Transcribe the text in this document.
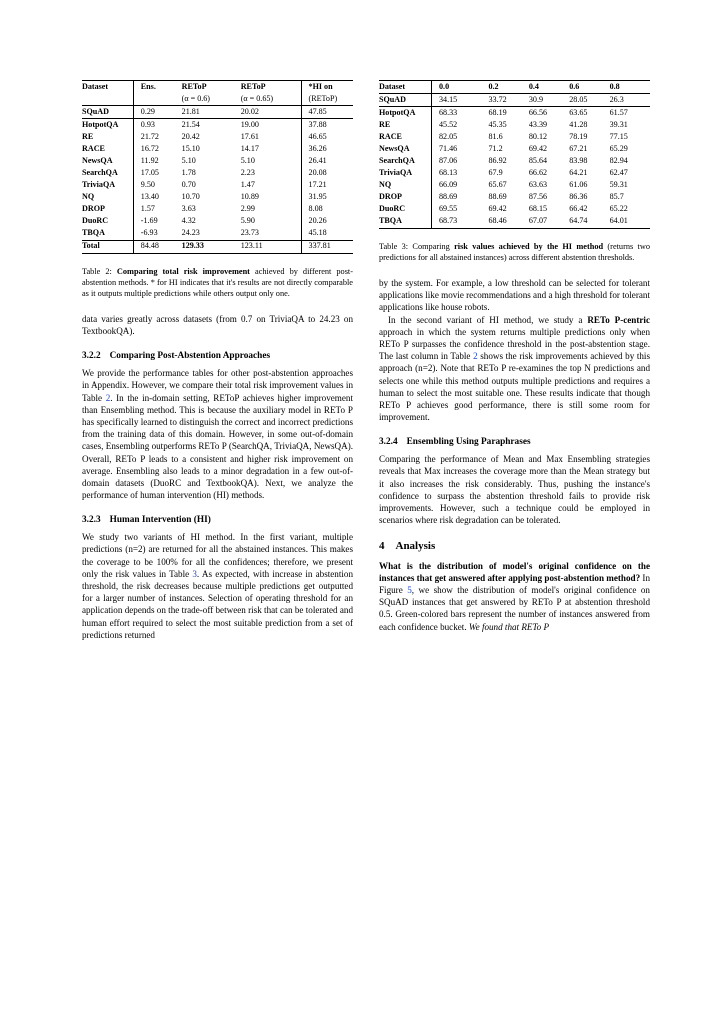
Dataset	Ens.	REToP	REToP	*HI on
		(α = 0.6)	(α = 0.65)	(REToP)
SQuAD	0.29	21.81	20.02	47.85
HotpotQA	0.93	21.54	19.00	37.88
RE	21.72	20.42	17.61	46.65
RACE	16.72	15.10	14.17	36.26
NewsQA	11.92	5.10	5.10	26.41
SearchQA	17.05	1.78	2.23	20.08
TriviaQA	9.50	0.70	1.47	17.21
NQ	13.40	10.70	10.89	31.95
DROP	1.57	3.63	2.99	8.08
DuoRC	-1.69	4.32	5.90	20.26
TBQA	-6.93	24.23	23.73	45.18
Total	84.48	129.33	123.11	337.81
Table 2: Comparing total risk improvement achieved by different post-abstention methods. * for HI indicates that it's results are not directly comparable as it outputs multiple predictions while others output only one.

data varies greatly across datasets (from 0.7 on TriviaQA to 24.23 on TextbookQA).

3.2.2 Comparing Post-Abstention Approaches

We provide the performance tables for other post-abstention approaches in Appendix. However, we compare their total risk improvement values in Table 2. In the in-domain setting, REToP achieves higher improvement than Ensembling method. This is because the auxiliary model in RETo P has specifically learned to distinguish the correct and incorrect predictions from the training data of this domain. However, in some out-of-domain cases, Ensembling outperforms RETo P (SearchQA, TriviaQA, NewsQA). Overall, RETo P leads to a consistent and higher risk improvement on average. Ensembling also leads to a minor degradation in a few out-of-domain datasets (DuoRC and TextbookQA). Next, we analyze the performance of human intervention (HI) methods.

3.2.3 Human Intervention (HI)

We study two variants of HI method. In the first variant, multiple predictions (n=2) are returned for all the abstained instances. This makes the coverage to be 100% for all the confidences; therefore, we present only the risk values in Table 3. As expected, with increase in abstention threshold, the risk decreases because multiple predictions get outputted for a larger number of instances. Selection of operating threshold for an application depends on the trade-off between risk that can be tolerated and human effort required to select the most suitable prediction from a set of predictions returned

Dataset	0.0	0.2	0.4	0.6	0.8
SQuAD	34.15	33.72	30.9	28.05	26.3
HotpotQA	68.33	68.19	66.56	63.65	61.57
RE	45.52	45.35	43.39	41.28	39.31
RACE	82.05	81.6	80.12	78.19	77.15
NewsQA	71.46	71.2	69.42	67.21	65.29
SearchQA	87.06	86.92	85.64	83.98	82.94
TriviaQA	68.13	67.9	66.62	64.21	62.47
NQ	66.09	65.67	63.63	61.06	59.31
DROP	88.69	88.69	87.56	86.36	85.7
DuoRC	69.55	69.42	68.15	66.42	65.22
TBQA	68.73	68.46	67.07	64.74	64.01
Table 3: Comparing risk values achieved by the HI method (returns two predictions for all abstained instances) across different abstention thresholds.

by the system. For example, a low threshold can be selected for tolerant applications like movie recommendations and a high threshold for tolerant applications like house robots.

In the second variant of HI method, we study a RETo P-centric approach in which the system returns multiple predictions only when RETo P surpasses the confidence threshold in the post-abstention stage. The last column in Table 2 shows the risk improvements achieved by this approach (n=2). Note that RETo P re-examines the top N predictions and selects one while this method outputs multiple predictions and requires a human to select the most suitable one. These results indicate that though RETo P achieves good performance, there is still some room for improvement.

3.2.4 Ensembling Using Paraphrases

Comparing the performance of Mean and Max Ensembling strategies reveals that Max increases the coverage more than the Mean strategy but it also increases the risk considerably. Thus, pushing the instance's confidence to surpass the abstention threshold fails to provide risk improvements. However, such a technique could be employed in scenarios where risk degradation can be tolerated.

4 Analysis

What is the distribution of model's original confidence on the instances that get answered after applying post-abstention method? In Figure 5, we show the distribution of model's original confidence on SQuAD instances that get answered by RETo P at abstention threshold 0.5. Green-colored bars represent the number of instances answered from each confidence bucket. We found that RETo P
